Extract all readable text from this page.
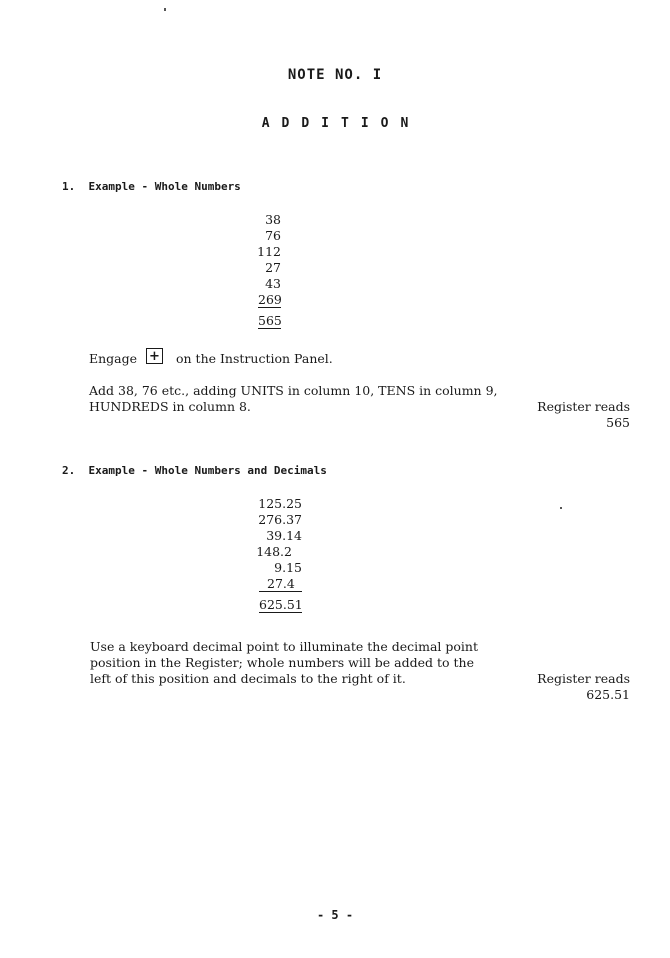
NOTE NO. I
ADDITION
1.  Example - Whole Numbers
38
76
112
27
43
269
565
Engage + on the Instruction Panel.
Add 38, 76 etc., adding UNITS in column 10, TENS in column 9,
HUNDREDS in column 8.	Register reads
565
2.  Example - Whole Numbers and Decimals
125.25
276.37
39.14
148.2
9.15
27.4
625.51
Use a keyboard decimal point to illuminate the decimal point
position in the Register; whole numbers will be added to the
left of this position and decimals to the right of it.	Register reads
625.51
- 5 -
